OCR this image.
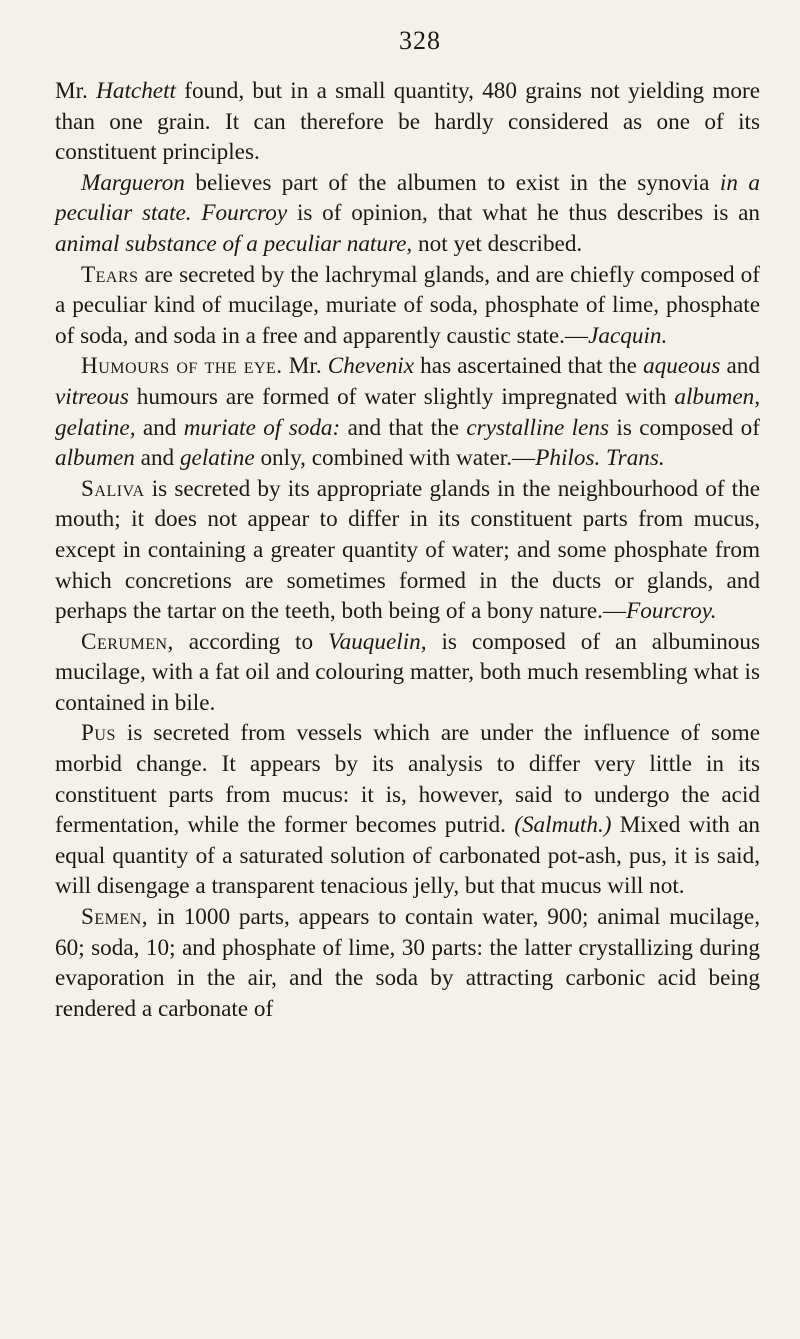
328

Mr. Hatchett found, but in a small quantity, 480 grains not yielding more than one grain. It can therefore be hardly considered as one of its constituent principles.

Margueron believes part of the albumen to exist in the synovia in a peculiar state. Fourcroy is of opinion, that what he thus describes is an animal substance of a peculiar nature, not yet described.

Tears are secreted by the lachrymal glands, and are chiefly composed of a peculiar kind of mucilage, muriate of soda, phosphate of lime, phosphate of soda, and soda in a free and apparently caustic state.—Jacquin.

Humours of the eye. Mr. Chevenix has ascertained that the aqueous and vitreous humours are formed of water slightly impregnated with albumen, gelatine, and muriate of soda: and that the crystalline lens is composed of albumen and gelatine only, combined with water.—Philos. Trans.

Saliva is secreted by its appropriate glands in the neighbourhood of the mouth; it does not appear to differ in its constituent parts from mucus, except in containing a greater quantity of water; and some phosphate from which concretions are sometimes formed in the ducts or glands, and perhaps the tartar on the teeth, both being of a bony nature.—Fourcroy.

Cerumen, according to Vauquelin, is composed of an albuminous mucilage, with a fat oil and colouring matter, both much resembling what is contained in bile.

Pus is secreted from vessels which are under the influence of some morbid change. It appears by its analysis to differ very little in its constituent parts from mucus: it is, however, said to undergo the acid fermentation, while the former becomes putrid. (Salmuth.) Mixed with an equal quantity of a saturated solution of carbonated pot-ash, pus, it is said, will disengage a transparent tenacious jelly, but that mucus will not.

Semen, in 1000 parts, appears to contain water, 900; animal mucilage, 60; soda, 10; and phosphate of lime, 30 parts: the latter crystallizing during evaporation in the air, and the soda by attracting carbonic acid being rendered a carbonate of
